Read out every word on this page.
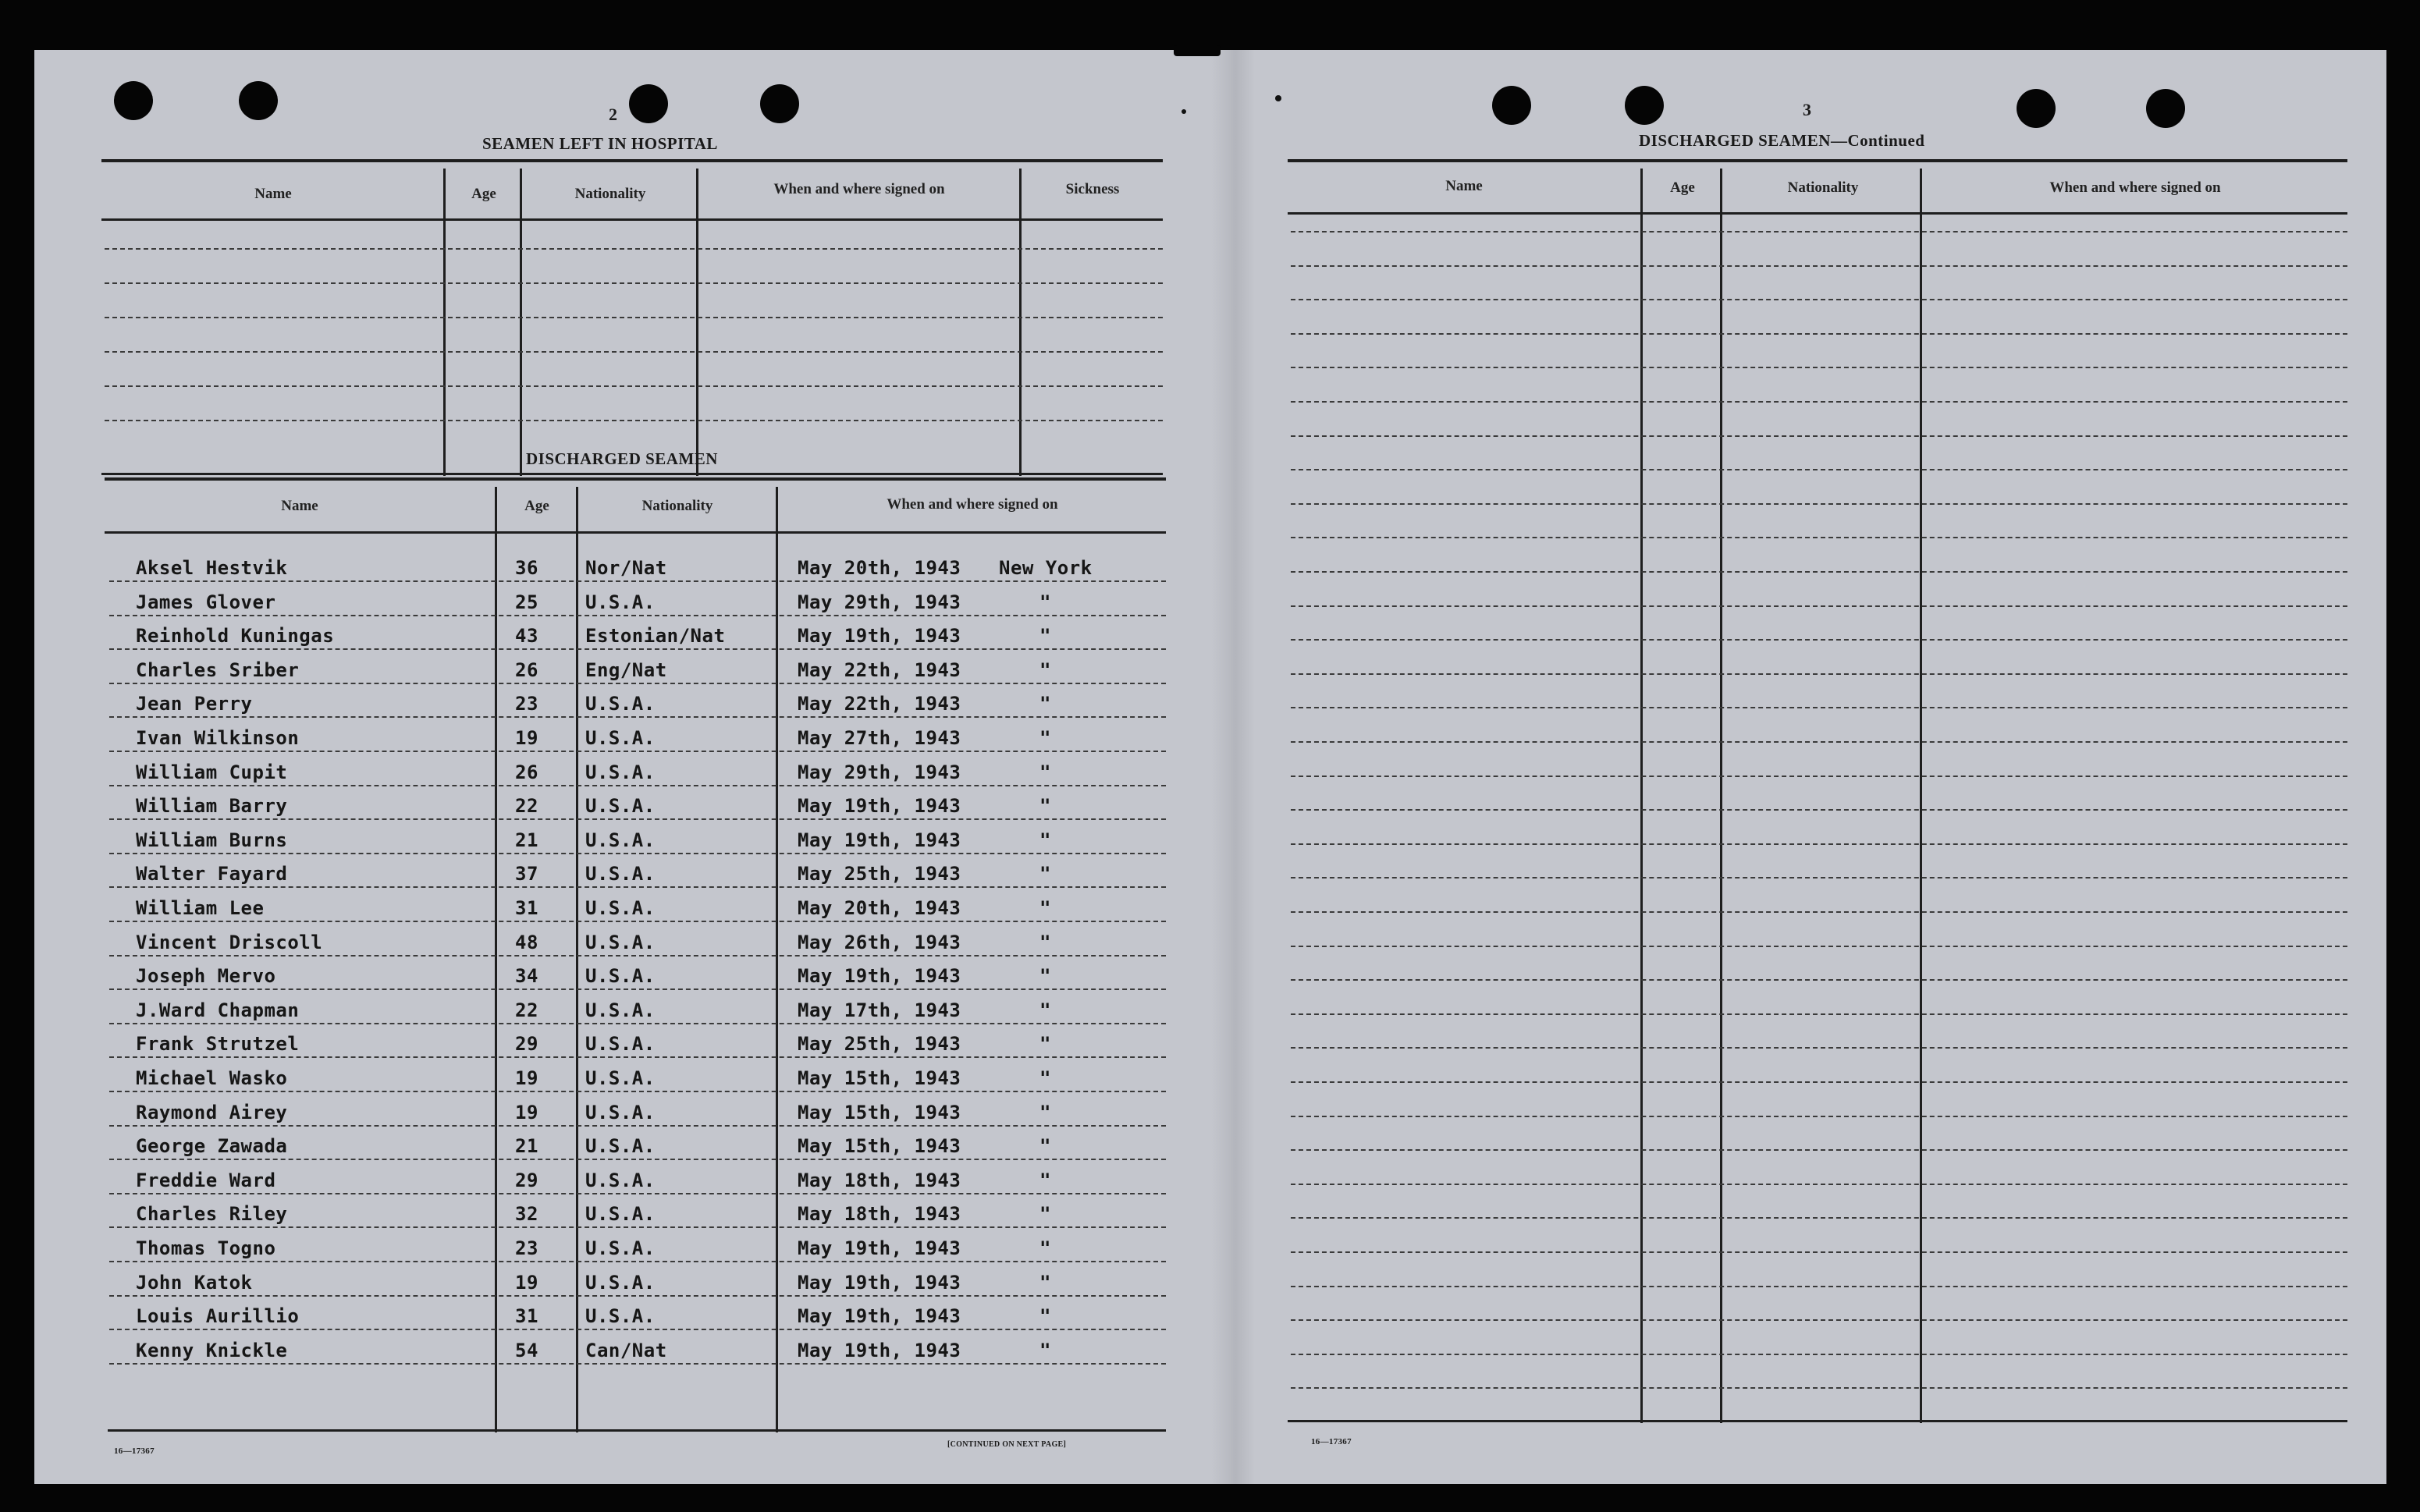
2
SEAMEN LEFT IN HOSPITAL
Name	Age	Nationality	When and where signed on	Sickness
DISCHARGED SEAMEN
Name	Age	Nationality	When and where signed on
Aksel Hestvik	36	Nor/Nat	May 20th, 1943 New York
James Glover	25	U.S.A.	May 29th, 1943	"
Reinhold Kuningas	43	Estonian/Nat	May 19th, 1943	"
Charles Sriber	26	Eng/Nat	May 22th, 1943	"
Jean Perry	23	U.S.A.	May 22th, 1943	"
Ivan Wilkinson	19	U.S.A.	May 27th, 1943	"
William Cupit	26	U.S.A.	May 29th, 1943	"
William Barry	22	U.S.A.	May 19th, 1943	"
William Burns	21	U.S.A.	May 19th, 1943	"
Walter Fayard	37	U.S.A.	May 25th, 1943	"
William Lee	31	U.S.A.	May 20th, 1943	"
Vincent Driscoll	48	U.S.A.	May 26th, 1943	"
Joseph Mervo	34	U.S.A.	May 19th, 1943	"
J.Ward Chapman	22	U.S.A.	May 17th, 1943	"
Frank Strutzel	29	U.S.A.	May 25th, 1943	"
Michael Wasko	19	U.S.A.	May 15th, 1943	"
Raymond Airey	19	U.S.A.	May 15th, 1943	"
George Zawada	21	U.S.A.	May 15th, 1943	"
Freddie Ward	29	U.S.A.	May 18th, 1943	"
Charles Riley	32	U.S.A.	May 18th, 1943	"
Thomas Togno	23	U.S.A.	May 19th, 1943	"
John Katok	19	U.S.A.	May 19th, 1943	"
Louis Aurillio	31	U.S.A.	May 19th, 1943	"
Kenny Knickle	54	Can/Nat	May 19th, 1943	"
16—17367
[CONTINUED ON NEXT PAGE]
3
DISCHARGED SEAMEN—Continued
Name	Age	Nationality	When and where signed on
16—17367
